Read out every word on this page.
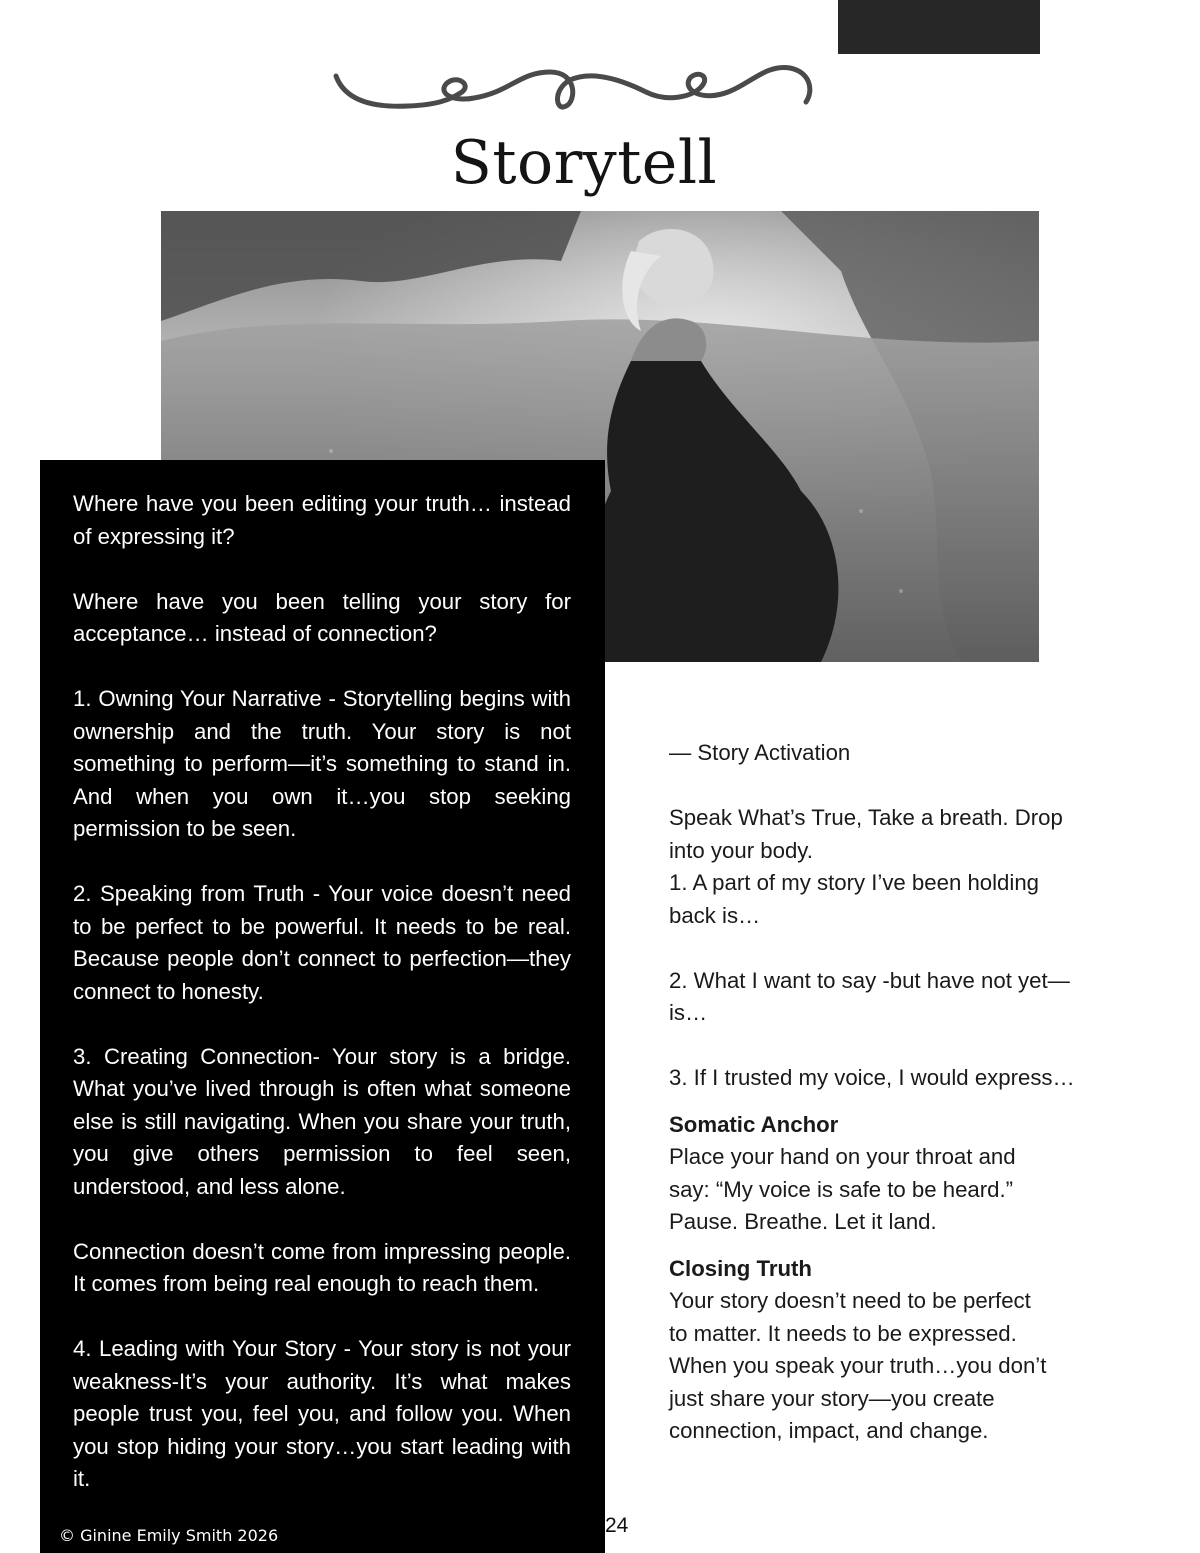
Storytell

Where have you been editing your truth… instead of expressing it?

Where have you been telling your story for acceptance… instead of connection?

1. Owning Your Narrative - Storytelling begins with ownership and the truth. Your story is not something to perform—it’s something to stand in. And when you own it…you stop seeking permission to be seen.

2. Speaking from Truth - Your voice doesn’t need to be perfect to be powerful. It needs to be real. Because people don’t connect to perfection—they connect to honesty.

3. Creating Connection- Your story is a bridge. What you’ve lived through is often what someone else is still navigating. When you share your truth, you give others permission to feel seen, understood, and less alone.

Connection doesn’t come from impressing people. It comes from being real enough to reach them.

4. Leading with Your Story - Your story is not your weakness-It’s your authority. It’s what makes people trust you, feel you, and follow you. When you stop hiding your story…you start leading with it.

© Ginine Emily Smith 2026	24

— Story Activation

Speak What’s True, Take a breath. Drop

into your body.

1. A part of my story I’ve been holding

back is…

2. What I want to say -but have not yet—

is…

3. If I trusted my voice, I would express…

Somatic Anchor

Place your hand on your throat and

say: “My voice is safe to be heard.”

Pause. Breathe. Let it land.

Closing Truth

Your story doesn’t need to be perfect

to matter. It needs to be expressed.

When you speak your truth…you don’t

just share your story—you create

connection, impact, and change.
